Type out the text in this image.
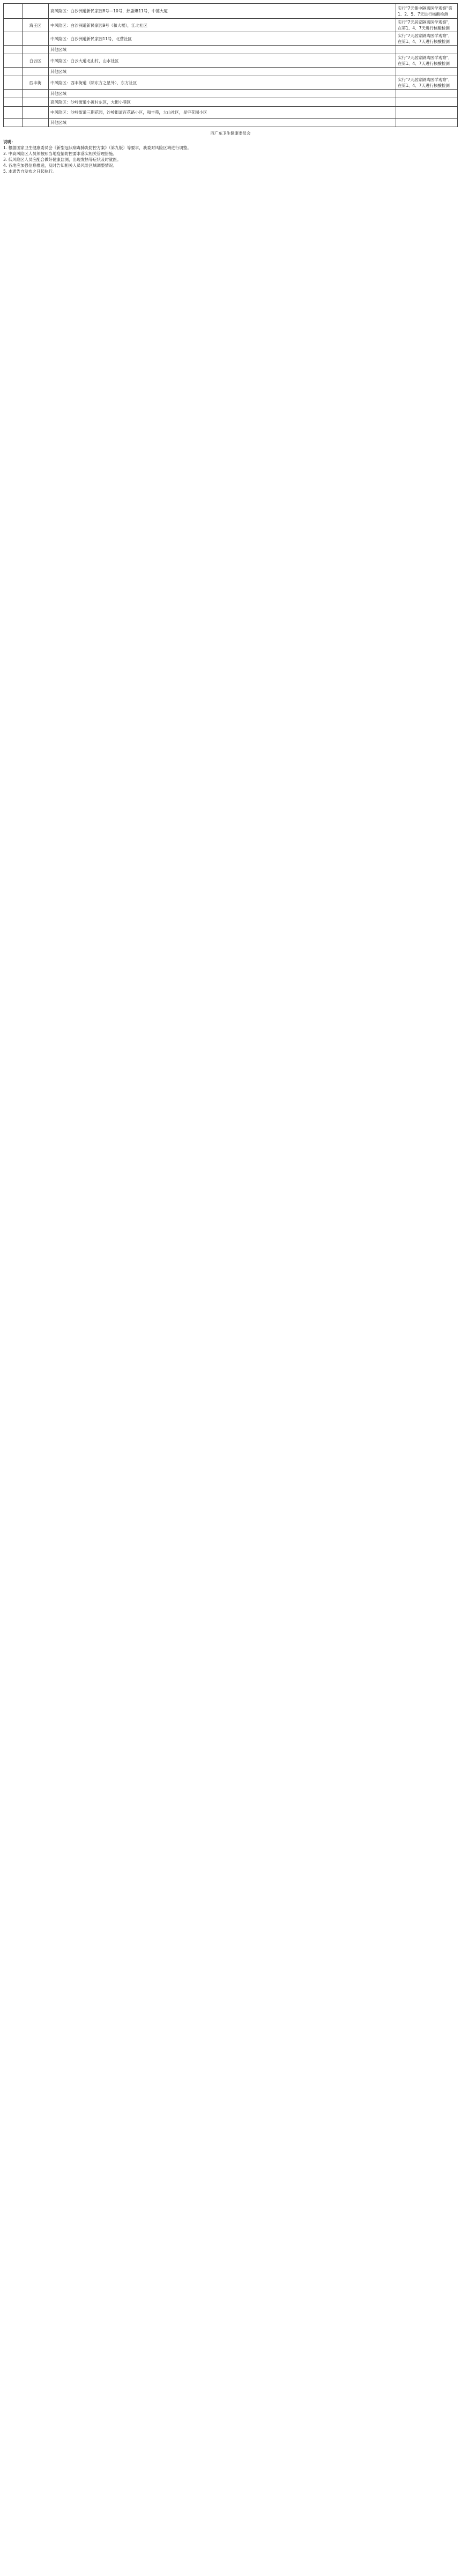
		高风险区：白沙洲道新民家园8号—10号，热剧爆11号，中德大厦	实行"7天集中隔离医学观察"第1、2、5、7天进行核酸检测
	海王区	中风险区：白沙洲道新民家园9号（和大楼），江北社区	实行"7天居家隔离医学观察"，在第1、4、7天进行核酸检测
		中风险区：白沙洲道新民家园11号，北营社区	实行"7天居家隔离医学观察"，在第1、4、7天进行核酸检测
		其他区域	
	白云区	中风险区：白云大道北山村，山水社区	实行"7天居家隔离医学观察"，在第1、4、7天进行核酸检测
		其他区域	
	西丰街	中风险区：西丰街道（除东方之星外），东方社区	实行"7天居家隔离医学观察"，在第1、4、7天进行核酸检测
		其他区域	
		高风险区：沙岭街道小黄村东区，大街小巷区	
		中风险区：沙岭街道三期花园，沙岭街道百花路小区，和丰苑，大山社区，星宇花园小区	
		其他区域	
西广东卫生健康委员会
说明：
1. 根据国家卫生健康委员会《新型冠状病毒肺炎防控方案》（第九版）等要求，我委对风险区域进行调整。
2. 中高风险区人员须按照当地疫情防控要求落实相关管理措施。
3. 低风险区人员应配合做好健康监测，出现发热等症状及时就医。
4. 各地应加强信息推送，及时告知相关人员风险区域调整情况。
5. 本通告自发布之日起执行。
